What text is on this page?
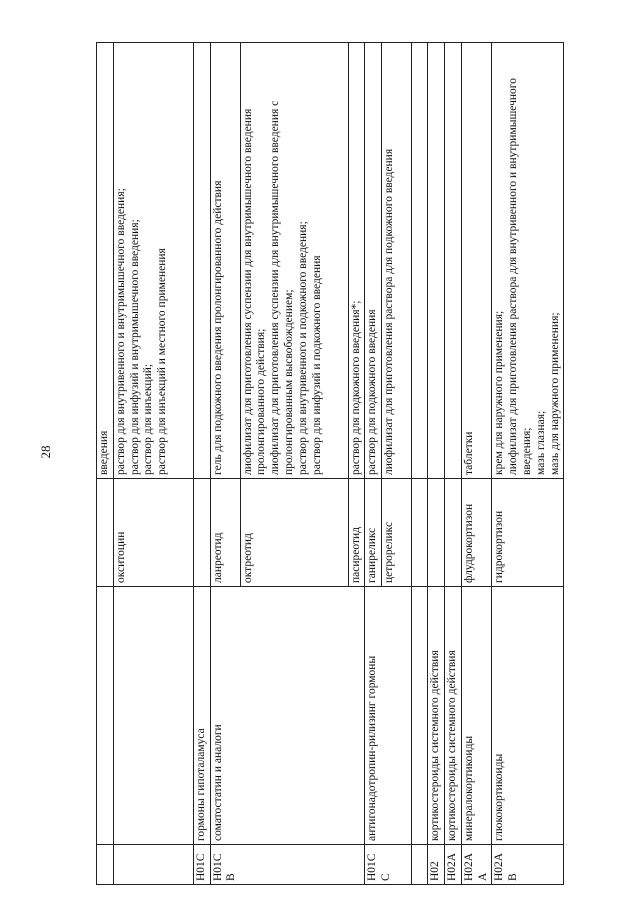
28
				введения
		окситоцин	раствор для внутривенного и внутримышечного введения;
раствор для инфузий и внутримышечного введения;
раствор для инъекций;
раствор для инъекций и местного применения
H01C	гормоны гипоталамуса		
H01CB	соматостатин и аналоги	ланреотид	гель для подкожного введения пролонгированного действия
		октреотид	лиофилизат для приготовления суспензии для внутримышечного введения пролонгированного действия;
лиофилизат для приготовления суспензии для внутримышечного введения с пролонгированным высвобождением;
раствор для внутривенного и подкожного введения;
раствор для инфузий и подкожного введения
		пасиреотид	раствор для подкожного введения*;
H01CC	антигонадотропин-рилизинг гормоны	ганиреликс	раствор для подкожного введения
		цетрореликс	лиофилизат для приготовления раствора для подкожного введения

H02	кортикостероиды системного действия		
H02A	кортикостероиды системного действия		
H02AA	минералокортикоиды	флудрокортизон	таблетки
H02AB	глюкокортикоиды	гидрокортизон	крем для наружного применения;
лиофилизат для приготовления раствора для внутривенного и внутримышечного введения;
мазь глазная;
мазь для наружного применения;
